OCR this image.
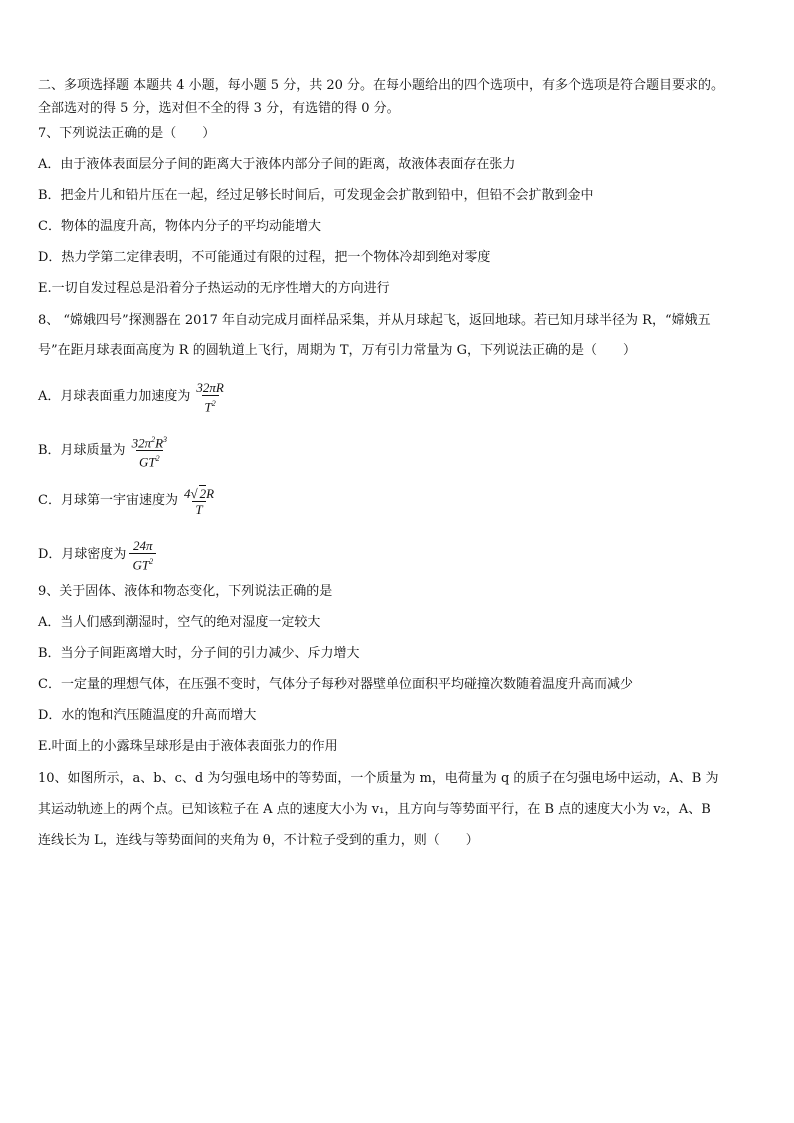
二、多项选择题 本题共 4 小题，每小题 5 分，共 20 分。在每小题给出的四个选项中，有多个选项是符合题目要求的。
全部选对的得 5 分，选对但不全的得 3 分，有选错的得 0 分。
7、下列说法正确的是（　　）
A．由于液体表面层分子间的距离大于液体内部分子间的距离，故液体表面存在张力
B．把金片儿和铅片压在一起，经过足够长时间后，可发现金会扩散到铅中，但铅不会扩散到金中
C．物体的温度升高，物体内分子的平均动能增大
D．热力学第二定律表明，不可能通过有限的过程，把一个物体冷却到绝对零度
E.一切自发过程总是沿着分子热运动的无序性增大的方向进行
8、 “嫦娥四号”探测器在 2017 年自动完成月面样品采集，并从月球起飞，返回地球。若已知月球半径为 R，“嫦娥五
号”在距月球表面高度为 R 的圆轨道上飞行，周期为 T，万有引力常量为 G，下列说法正确的是（　　）
A．月球表面重力加速度为 $\frac{32\pi R}{T^2}$
B．月球质量为 $\frac{32\pi^2R^3}{GT^2}$
C．月球第一宇宙速度为 $\frac{4√ 2R}{T}$
D．月球密度为 $\frac{24\pi}{GT^2}$
9、关于固体、液体和物态变化，下列说法正确的是
A．当人们感到潮湿时，空气的绝对湿度一定较大
B．当分子间距离增大时，分子间的引力减少、斥力增大
C．一定量的理想气体，在压强不变时，气体分子每秒对器壁单位面积平均碰撞次数随着温度升高而减少
D．水的饱和汽压随温度的升高而增大
E.叶面上的小露珠呈球形是由于液体表面张力的作用
10、如图所示，a、b、c、d 为匀强电场中的等势面，一个质量为 m，电荷量为 q 的质子在匀强电场中运动，A、B 为
其运动轨迹上的两个点。已知该粒子在 A 点的速度大小为 v₁，且方向与等势面平行，在 B 点的速度大小为 v₂，A、B
连线长为 L，连线与等势面间的夹角为 θ，不计粒子受到的重力，则（　　）
